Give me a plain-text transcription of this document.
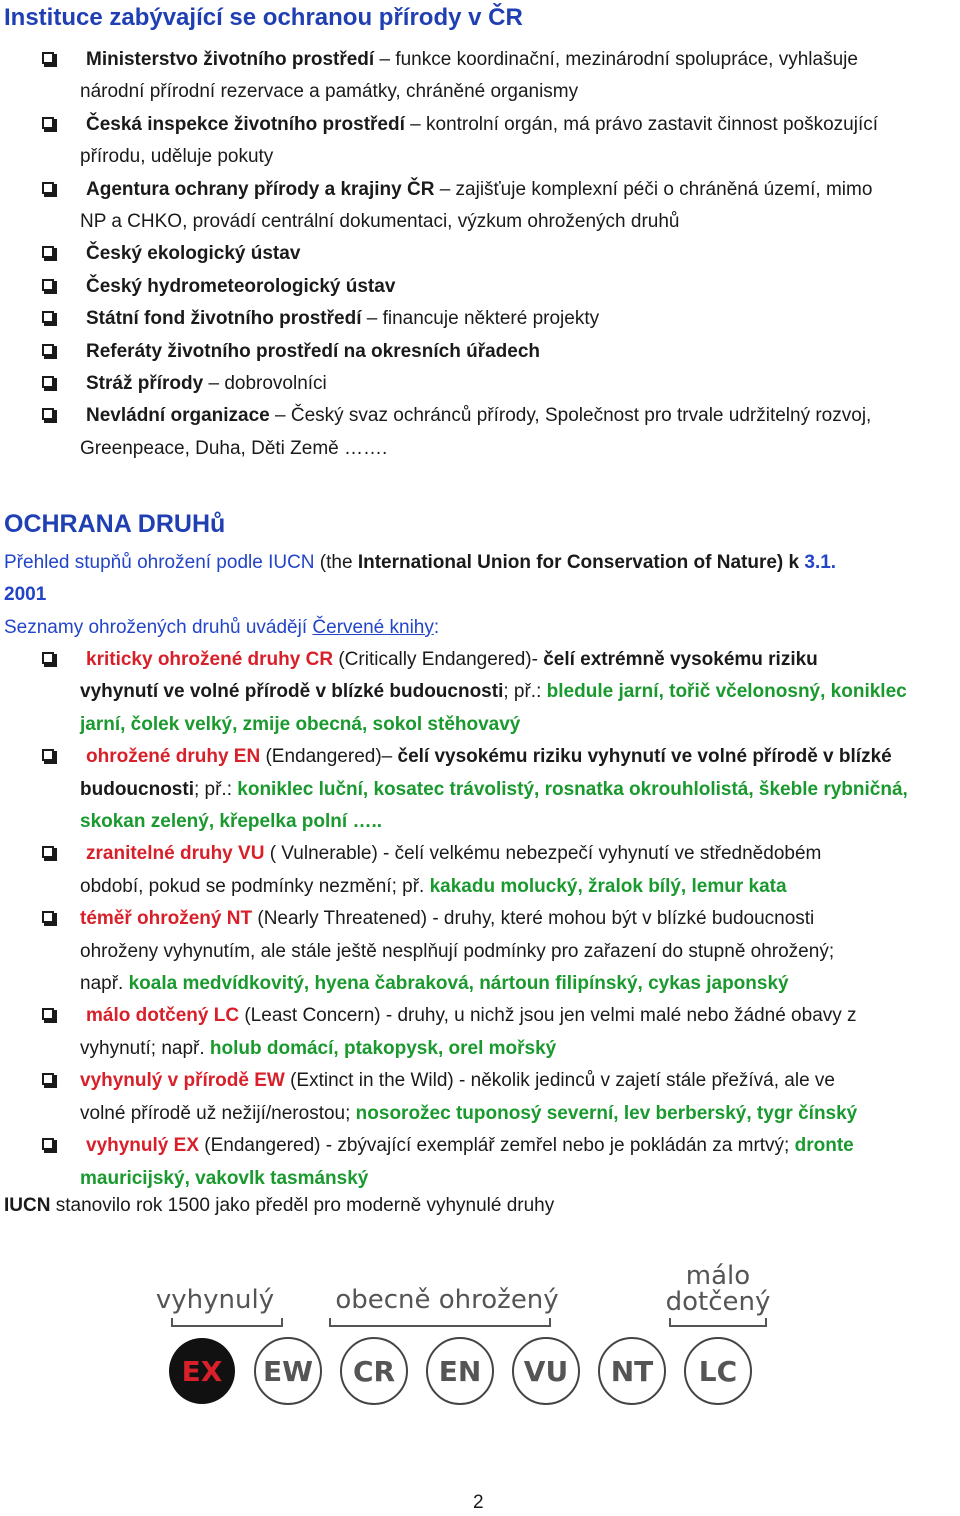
Instituce zabývající se ochranou přírody v ČR
Ministerstvo životního prostředí – funkce koordinační, mezinárodní spolupráce, vyhlašuje
národní přírodní rezervace a památky, chráněné organismy
Česká inspekce životního prostředí – kontrolní orgán, má právo zastavit činnost poškozující
přírodu, uděluje pokuty
Agentura ochrany přírody a krajiny ČR – zajišťuje komplexní péči o chráněná území, mimo
NP a CHKO, provádí centrální dokumentaci, výzkum ohrožených druhů
Český ekologický ústav
Český hydrometeorologický ústav
Státní fond životního prostředí – financuje některé projekty
Referáty životního prostředí na okresních úřadech
Stráž přírody – dobrovolníci
Nevládní organizace – Český svaz ochránců přírody, Společnost pro trvale udržitelný rozvoj,
Greenpeace, Duha, Děti Země …….
OCHRANA DRUHů
Přehled stupňů ohrožení podle IUCN (the International Union for Conservation of Nature) k 3.1.
2001
Seznamy ohrožených druhů uvádějí Červené knihy:
kriticky ohrožené druhy CR (Critically Endangered)- čelí extrémně vysokému riziku
vyhynutí ve volné přírodě v blízké budoucnosti; př.: bledule jarní, tořič včelonosný, koniklec
jarní, čolek velký, zmije obecná, sokol stěhovavý
ohrožené druhy EN (Endangered)– čelí vysokému riziku vyhynutí ve volné přírodě v blízké
budoucnosti; př.: koniklec luční, kosatec trávolistý, rosnatka okrouhlolistá, škeble rybničná,
skokan zelený, křepelka polní …..
zranitelné druhy VU ( Vulnerable) - čelí velkému nebezpečí vyhynutí ve střednědobém
období, pokud se podmínky nezmění; př. kakadu molucký, žralok bílý, lemur kata
téměř ohrožený NT (Nearly Threatened) - druhy, které mohou být v blízké budoucnosti
ohroženy vyhynutím, ale stále ještě nesplňují podmínky pro zařazení do stupně ohrožený;
např. koala medvídkovitý, hyena čabraková, nártoun filipínský, cykas japonský
málo dotčený LC (Least Concern) - druhy, u nichž jsou jen velmi malé nebo žádné obavy z
vyhynutí; např. holub domácí, ptakopysk, orel mořský
vyhynulý v přírodě EW (Extinct in the Wild) - několik jedinců v zajetí stále přežívá, ale ve
volné přírodě už nežijí/nerostou; nosorožec tuponosý severní, lev berberský, tygr čínský
vyhynulý EX (Endangered) - zbývající exemplář zemřel nebo je pokládán za mrtvý; dronte
mauricijský, vakovlk tasmánský
IUCN stanovilo rok 1500 jako předěl pro moderně vyhynulé druhy
vyhynulý obecně ohrožený
málo
dotčený
EX EW CR EN VU NT LC
2
